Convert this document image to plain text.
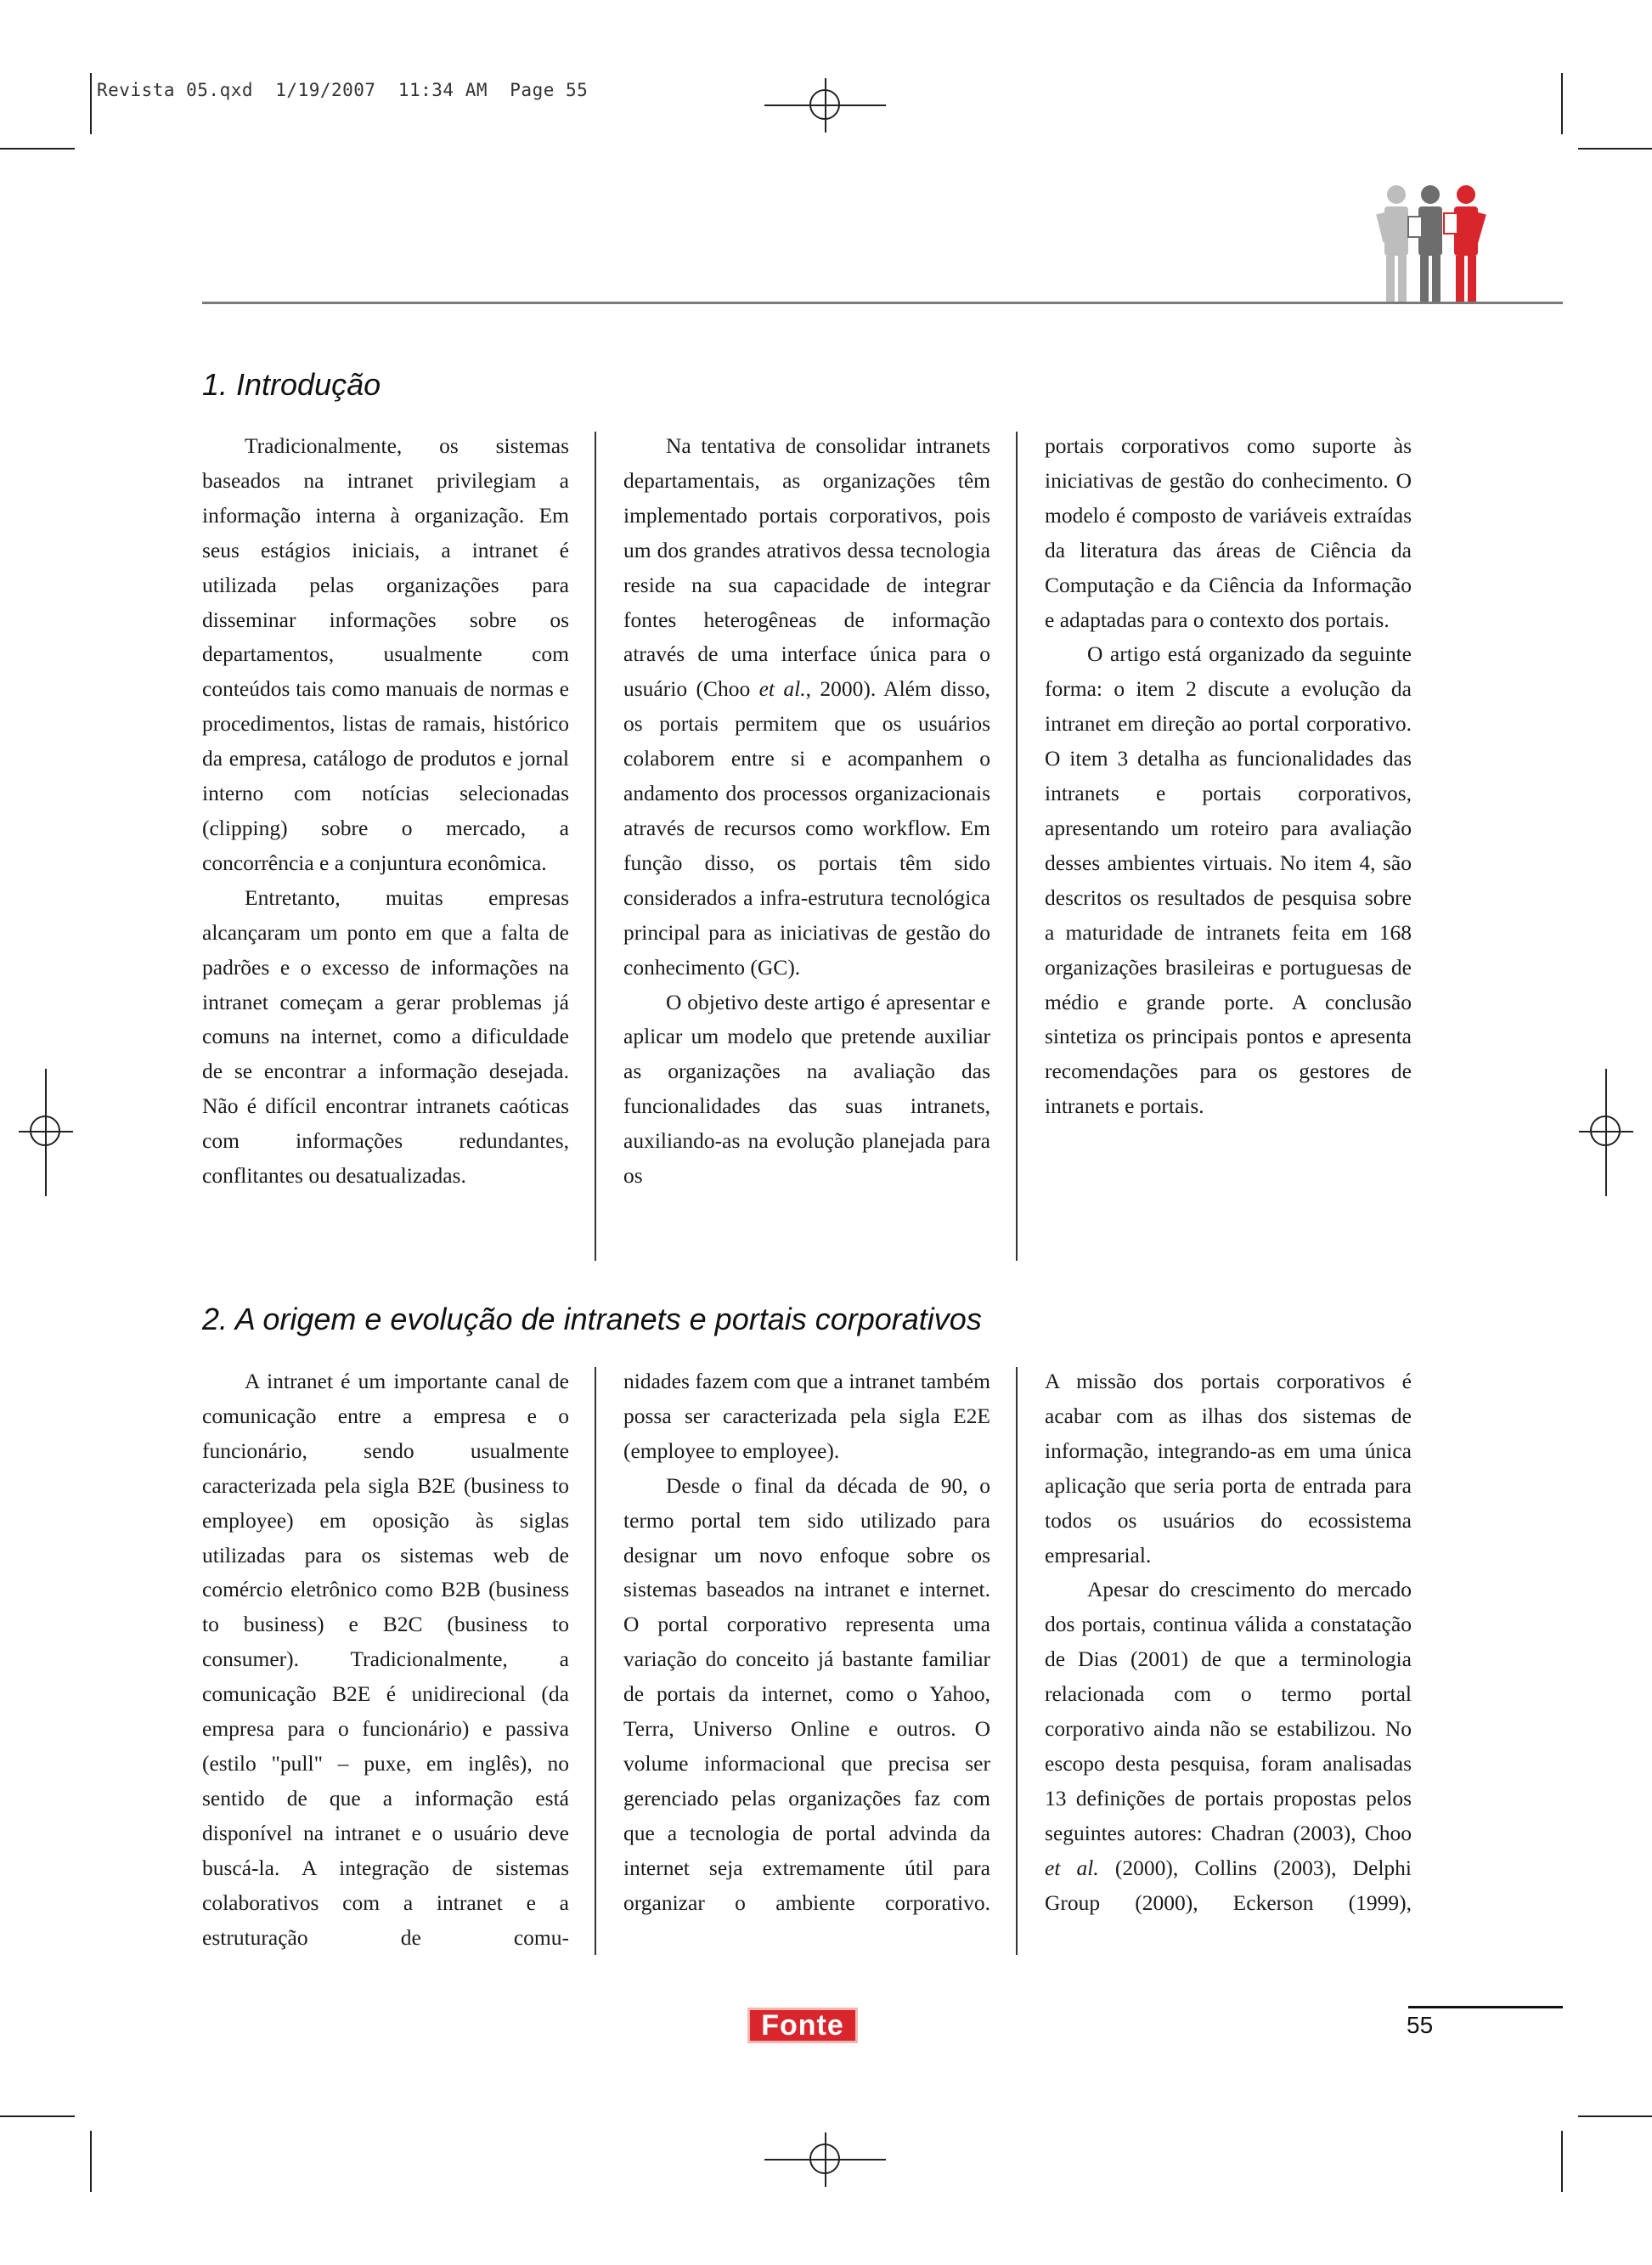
Revista 05.qxd  1/19/2007  11:34 AM  Page 55
1. Introdução

Tradicionalmente, os sistemas baseados na intranet privilegiam a informação interna à organização. Em seus estágios iniciais, a intranet é utilizada pelas organizações para disseminar informações sobre os departamentos, usualmente com conteúdos tais como manuais de normas e procedimentos, listas de ramais, histórico da empresa, catálogo de produtos e jornal interno com notícias selecionadas (clipping) sobre o mercado, a concorrência e a conjuntura econômica.

Entretanto, muitas empresas alcançaram um ponto em que a falta de padrões e o excesso de informações na intranet começam a gerar problemas já comuns na internet, como a dificuldade de se encontrar a informação desejada. Não é difícil encontrar intranets caóticas com informações redundantes, conflitantes ou desatualizadas.

Na tentativa de consolidar intranets departamentais, as organizações têm implementado portais corporativos, pois um dos grandes atrativos dessa tecnologia reside na sua capacidade de integrar fontes heterogêneas de informação através de uma interface única para o usuário (Choo et al., 2000). Além disso, os portais permitem que os usuários colaborem entre si e acompanhem o andamento dos processos organizacionais através de recursos como workflow. Em função disso, os portais têm sido considerados a infra-estrutura tecnológica principal para as iniciativas de gestão do conhecimento (GC).

O objetivo deste artigo é apresentar e aplicar um modelo que pretende auxiliar as organizações na avaliação das funcionalidades das suas intranets, auxiliando-as na evolução planejada para os

portais corporativos como suporte às iniciativas de gestão do conhecimento. O modelo é composto de variáveis extraídas da literatura das áreas de Ciência da Computação e da Ciência da Informação e adaptadas para o contexto dos portais.

O artigo está organizado da seguinte forma: o item 2 discute a evolução da intranet em direção ao portal corporativo. O item 3 detalha as funcionalidades das intranets e portais corporativos, apresentando um roteiro para avaliação desses ambientes virtuais. No item 4, são descritos os resultados de pesquisa sobre a maturidade de intranets feita em 168 organizações brasileiras e portuguesas de médio e grande porte. A conclusão sintetiza os principais pontos e apresenta recomendações para os gestores de intranets e portais.

2. A origem e evolução de intranets e portais corporativos

A intranet é um importante canal de comunicação entre a empresa e o funcionário, sendo usualmente caracterizada pela sigla B2E (business to employee) em oposição às siglas utilizadas para os sistemas web de comércio eletrônico como B2B (business to business) e B2C (business to consumer). Tradicionalmente, a comunicação B2E é unidirecional (da empresa para o funcionário) e passiva (estilo "pull" – puxe, em inglês), no sentido de que a informação está disponível na intranet e o usuário deve buscá-la. A integração de sistemas colaborativos com a intranet e a estruturação de comu-

nidades fazem com que a intranet também possa ser caracterizada pela sigla E2E (employee to employee).

Desde o final da década de 90, o termo portal tem sido utilizado para designar um novo enfoque sobre os sistemas baseados na intranet e internet. O portal corporativo representa uma variação do conceito já bastante familiar de portais da internet, como o Yahoo, Terra, Universo Online e outros. O volume informacional que precisa ser gerenciado pelas organizações faz com que a tecnologia de portal advinda da internet seja extremamente útil para organizar o ambiente corporativo.

A missão dos portais corporativos é acabar com as ilhas dos sistemas de informação, integrando-as em uma única aplicação que seria porta de entrada para todos os usuários do ecossistema empresarial.

Apesar do crescimento do mercado dos portais, continua válida a constatação de Dias (2001) de que a terminologia relacionada com o termo portal corporativo ainda não se estabilizou. No escopo desta pesquisa, foram analisadas 13 definições de portais propostas pelos seguintes autores: Chadran (2003), Choo et al. (2000), Collins (2003), Delphi Group (2000), Eckerson (1999),

Fonte	55
